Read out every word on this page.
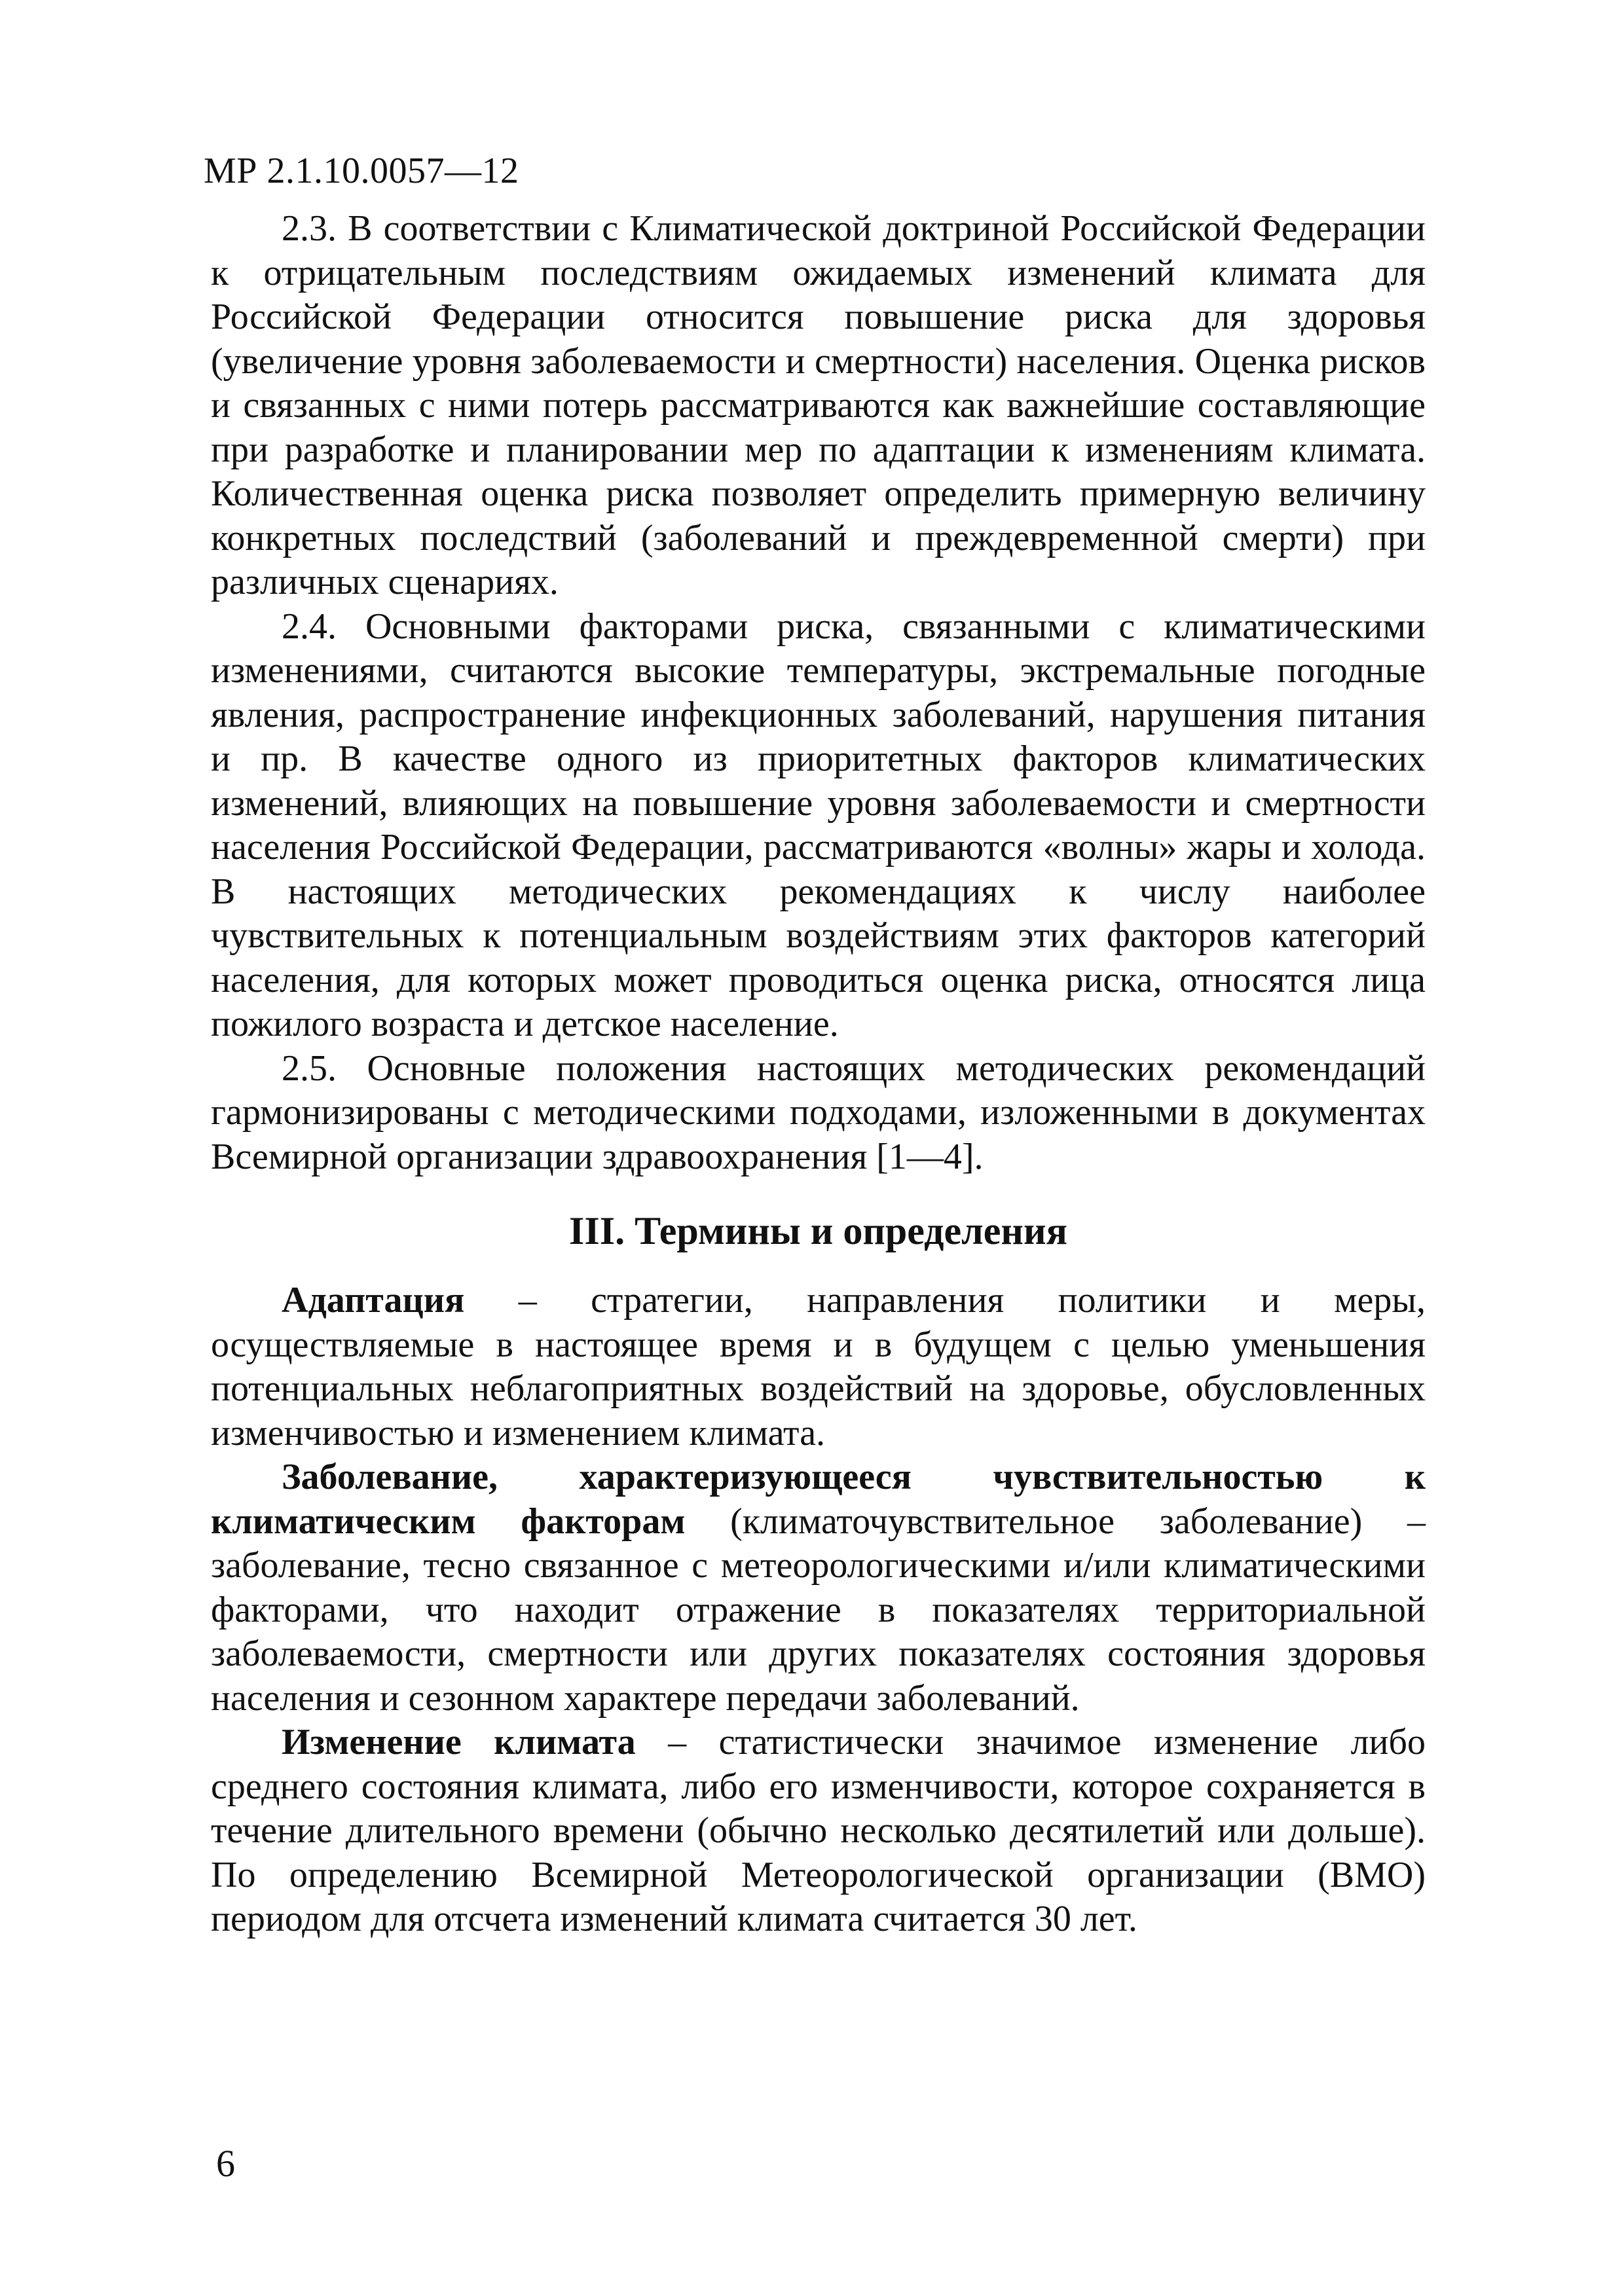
МР 2.1.10.0057—12

2.3. В соответствии с Климатической доктриной Российской Федерации к отрицательным последствиям ожидаемых изменений климата для Российской Федерации относится повышение риска для здоровья (увеличение уровня заболеваемости и смертности) населения. Оценка рисков и связанных с ними потерь рассматриваются как важнейшие составляющие при разработке и планировании мер по адаптации к изменениям климата. Количественная оценка риска позволяет определить примерную величину конкретных последствий (заболеваний и преждевременной смерти) при различных сценариях.

2.4. Основными факторами риска, связанными с климатическими изменениями, считаются высокие температуры, экстремальные погодные явления, распространение инфекционных заболеваний, нарушения питания и пр. В качестве одного из приоритетных факторов климатических изменений, влияющих на повышение уровня заболеваемости и смертности населения Российской Федерации, рассматриваются «волны» жары и холода. В настоящих методических рекомендациях к числу наиболее чувствительных к потенциальным воздействиям этих факторов категорий населения, для которых может проводиться оценка риска, относятся лица пожилого возраста и детское население.

2.5. Основные положения настоящих методических рекомендаций гармонизированы с методическими подходами, изложенными в документах Всемирной организации здравоохранения [1—4].

III. Термины и определения

Адаптация – стратегии, направления политики и меры, осуществляемые в настоящее время и в будущем с целью уменьшения потенциальных неблагоприятных воздействий на здоровье, обусловленных изменчивостью и изменением климата.

Заболевание, характеризующееся чувствительностью к климатическим факторам (климаточувствительное заболевание) – заболевание, тесно связанное с метеорологическими и/или климатическими факторами, что находит отражение в показателях территориальной заболеваемости, смертности или других показателях состояния здоровья населения и сезонном характере передачи заболеваний.

Изменение климата – статистически значимое изменение либо среднего состояния климата, либо его изменчивости, которое сохраняется в течение длительного времени (обычно несколько десятилетий или дольше). По определению Всемирной Метеорологической организации (ВМО) периодом для отсчета изменений климата считается 30 лет.

6
